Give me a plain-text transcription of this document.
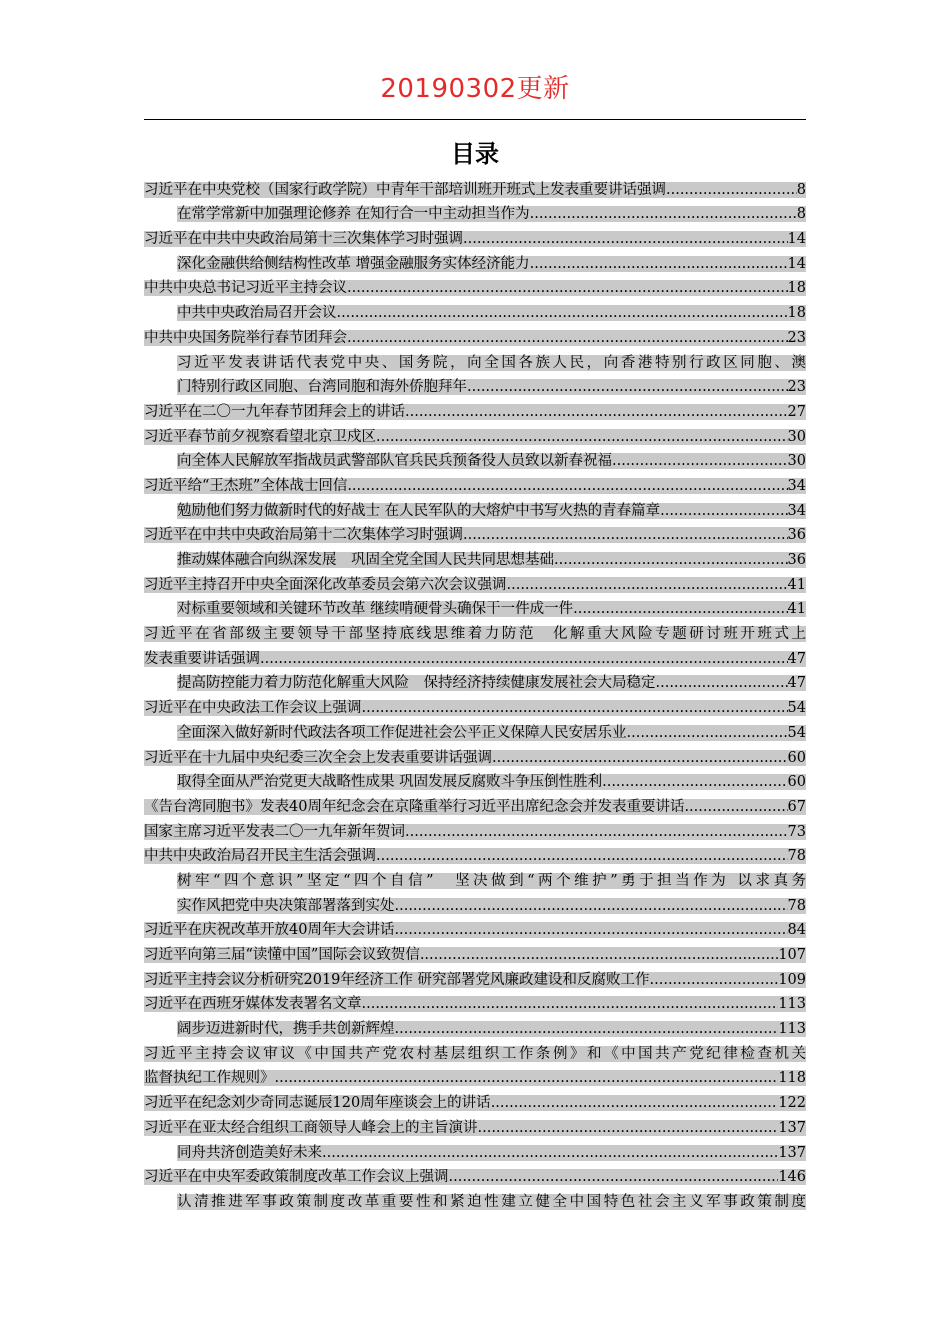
20190302更新
目录
习近平在中央党校（国家行政学院）中青年干部培训班开班式上发表重要讲话强调 .....	8
在常学常新中加强理论修养 在知行合一中主动担当作为 .....	8
习近平在中共中央政治局第十三次集体学习时强调 .....	14
深化金融供给侧结构性改革 增强金融服务实体经济能力 .....	14
中共中央总书记习近平主持会议 .....	18
中共中央政治局召开会议 .....	18
中共中央国务院举行春节团拜会 .....	23
习近平发表讲话代表党中央、国务院，向全国各族人民，向香港特别行政区同胞、澳
门特别行政区同胞、台湾同胞和海外侨胞拜年 .....	23
习近平在二〇一九年春节团拜会上的讲话 .....	27
习近平春节前夕视察看望北京卫戍区 .....	30
向全体人民解放军指战员武警部队官兵民兵预备役人员致以新春祝福 .....	30
习近平给“王杰班”全体战士回信 .....	34
勉励他们努力做新时代的好战士 在人民军队的大熔炉中书写火热的青春篇章 .....	34
习近平在中共中央政治局第十二次集体学习时强调 .....	36
推动媒体融合向纵深发展　巩固全党全国人民共同思想基础 .....	36
习近平主持召开中央全面深化改革委员会第六次会议强调 .....	41
对标重要领域和关键环节改革 继续啃硬骨头确保干一件成一件 .....	41
习近平在省部级主要领导干部坚持底线思维着力防范　化解重大风险专题研讨班开班式上
发表重要讲话强调 .....	47
提高防控能力着力防范化解重大风险　保持经济持续健康发展社会大局稳定 .....	47
习近平在中央政法工作会议上强调 .....	54
全面深入做好新时代政法各项工作促进社会公平正义保障人民安居乐业 .....	54
习近平在十九届中央纪委三次全会上发表重要讲话强调 .....	60
取得全面从严治党更大战略性成果 巩固发展反腐败斗争压倒性胜利 .....	60
《告台湾同胞书》发表40周年纪念会在京隆重举行习近平出席纪念会并发表重要讲话 .....	67
国家主席习近平发表二〇一九年新年贺词 .....	73
中共中央政治局召开民主生活会强调 .....	78
树牢“四个意识”坚定“四个自信”　坚决做到“两个维护”勇于担当作为 以求真务
实作风把党中央决策部署落到实处 .....	78
习近平在庆祝改革开放40周年大会讲话 .....	84
习近平向第三届“读懂中国”国际会议致贺信 .....	107
习近平主持会议分析研究2019年经济工作 研究部署党风廉政建设和反腐败工作 .....	109
习近平在西班牙媒体发表署名文章 .....	113
阔步迈进新时代，携手共创新辉煌 .....	113
习近平主持会议审议《中国共产党农村基层组织工作条例》和《中国共产党纪律检查机关
监督执纪工作规则》 .....	118
习近平在纪念刘少奇同志诞辰120周年座谈会上的讲话 .....	122
习近平在亚太经合组织工商领导人峰会上的主旨演讲 .....	137
同舟共济创造美好未来 .....	137
习近平在中央军委政策制度改革工作会议上强调 .....	146
认清推进军事政策制度改革重要性和紧迫性建立健全中国特色社会主义军事政策制度
